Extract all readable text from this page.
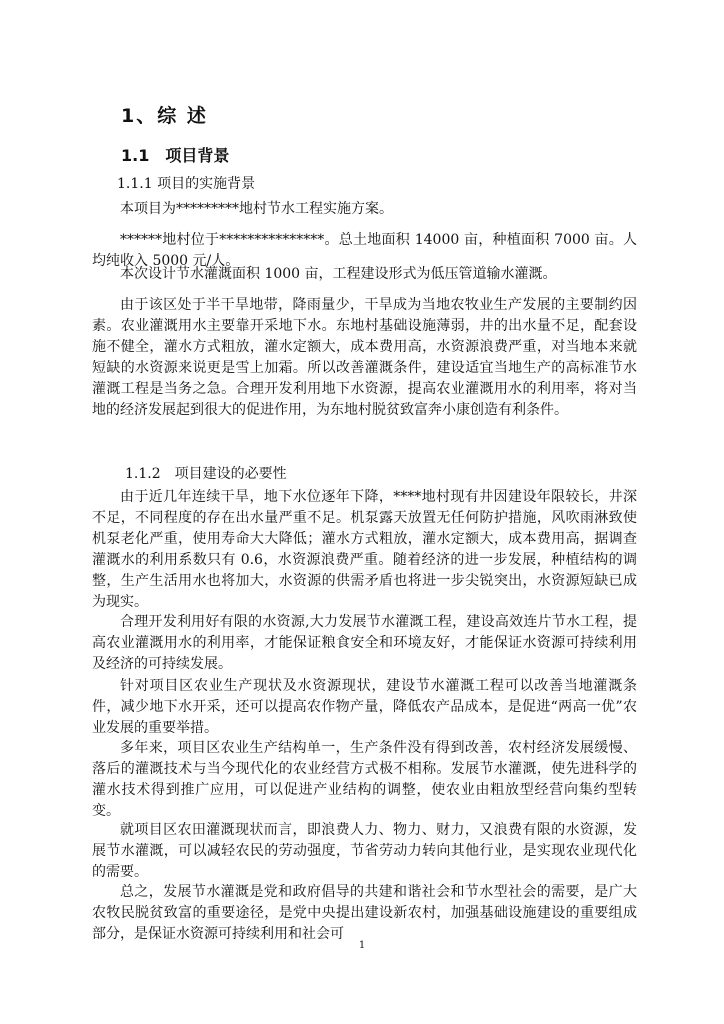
1、综 述
1.1　项目背景
1.1.1 项目的实施背景
本项目为*********地村节水工程实施方案。
******地村位于***************。总土地面积 14000 亩，种植面积 7000 亩。人均纯收入 5000 元/人。
本次设计节水灌溉面积 1000 亩，工程建设形式为低压管道输水灌溉。
由于该区处于半干旱地带，降雨量少，干旱成为当地农牧业生产发展的主要制约因素。农业灌溉用水主要靠开采地下水。东地村基础设施薄弱，井的出水量不足，配套设施不健全，灌水方式粗放，灌水定额大，成本费用高，水资源浪费严重，对当地本来就短缺的水资源来说更是雪上加霜。所以改善灌溉条件，建设适宜当地生产的高标准节水灌溉工程是当务之急。合理开发利用地下水资源，提高农业灌溉用水的利用率，将对当地的经济发展起到很大的促进作用，为东地村脱贫致富奔小康创造有利条件。
1.1.2　项目建设的必要性
由于近几年连续干旱，地下水位逐年下降，****地村现有井因建设年限较长，井深不足，不同程度的存在出水量严重不足。机泵露天放置无任何防护措施，风吹雨淋致使机泵老化严重，使用寿命大大降低；灌水方式粗放，灌水定额大，成本费用高，据调查灌溉水的利用系数只有 0.6，水资源浪费严重。随着经济的进一步发展，种植结构的调整，生产生活用水也将加大，水资源的供需矛盾也将进一步尖锐突出，水资源短缺已成为现实。
合理开发利用好有限的水资源,大力发展节水灌溉工程，建设高效连片节水工程，提高农业灌溉用水的利用率，才能保证粮食安全和环境友好，才能保证水资源可持续利用及经济的可持续发展。
针对项目区农业生产现状及水资源现状，建设节水灌溉工程可以改善当地灌溉条件，减少地下水开采，还可以提高农作物产量，降低农产品成本，是促进“两高一优”农业发展的重要举措。
多年来，项目区农业生产结构单一，生产条件没有得到改善，农村经济发展缓慢、落后的灌溉技术与当今现代化的农业经营方式极不相称。发展节水灌溉，使先进科学的灌水技术得到推广应用，可以促进产业结构的调整，使农业由粗放型经营向集约型转变。
就项目区农田灌溉现状而言，即浪费人力、物力、财力，又浪费有限的水资源，发展节水灌溉，可以减轻农民的劳动强度，节省劳动力转向其他行业，是实现农业现代化的需要。
总之，发展节水灌溉是党和政府倡导的共建和谐社会和节水型社会的需要，是广大农牧民脱贫致富的重要途径，是党中央提出建设新农村，加强基础设施建设的重要组成部分，是保证水资源可持续利用和社会可
1
